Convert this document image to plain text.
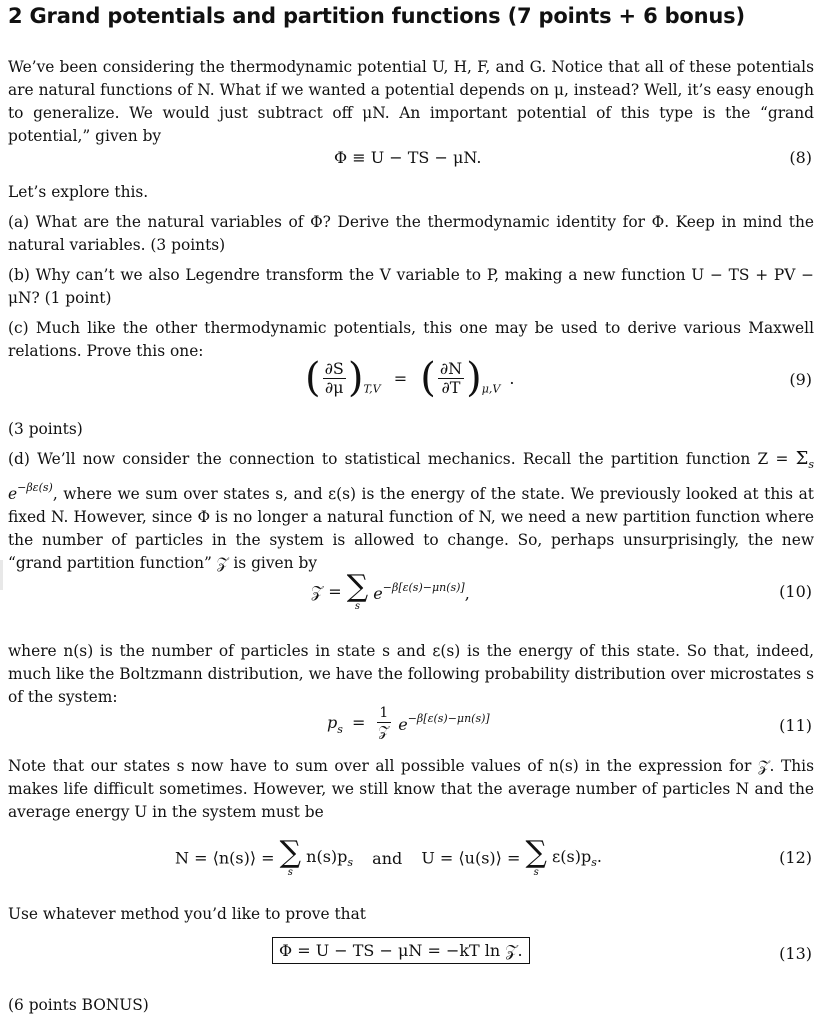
2 Grand potentials and partition functions (7 points + 6 bonus)
We’ve been considering the thermodynamic potential U, H, F, and G. Notice that all of these potentials are natural functions of N. What if we wanted a potential depends on μ, instead? Well, it’s easy enough to generalize. We would just subtract off μN. An important potential of this type is the “grand potential,” given by
Φ ≡ U − TS − μN.	(8)
Let’s explore this.
(a) What are the natural variables of Φ? Derive the thermodynamic identity for Φ. Keep in mind the natural variables. (3 points)
(b) Why can’t we also Legendre transform the V variable to P, making a new function U − TS + PV − μN? (1 point)
(c) Much like the other thermodynamic potentials, this one may be used to derive various Maxwell relations. Prove this one:
( $\frac{\partial S}{\partial\mu} )_{T,V}$ = ( $\frac{\partial N}{\partial T} )_{\mu,V}$ .	(9)
(3 points)
(d) We’ll now consider the connection to statistical mechanics. Recall the partition function $Z = \Sigma_s$ $e^{-\beta\varepsilon(s)}$, where we sum over states s, and ε(s) is the energy of the state. We previously looked at this at fixed N. However, since Φ is no longer a natural function of N, we need a new partition function where the number of particles in the system is allowed to change. So, perhaps unsurprisingly, the new “grand partition function” 𝒵 is given by
𝒵 = ∑
s
$e^{-\beta[\varepsilon(s)-\mu n(s)]}$,	(10)
where n(s) is the number of particles in state s and ε(s) is the energy of this state. So that, indeed, much like the Boltzmann distribution, we have the following probability distribution over microstates s of the system:
$p_s = \frac{1}{\text{𝒵}} e^{-\beta[\varepsilon(s)-\mu n(s)]}$	(11)
Note that our states s now have to sum over all possible values of n(s) in the expression for 𝒵. This makes life difficult sometimes. However, we still know that the average number of particles N and the average energy U in the system must be
N = ⟨n(s)⟩ = ∑
s
$n(s)p_s$ and U = ⟨u(s)⟩ = ∑
s
$\varepsilon(s)p_s$.	(12)
Use whatever method you’d like to prove that
Φ = U − TS − μN = −kT ln 𝒵.	(13)
(6 points BONUS)
